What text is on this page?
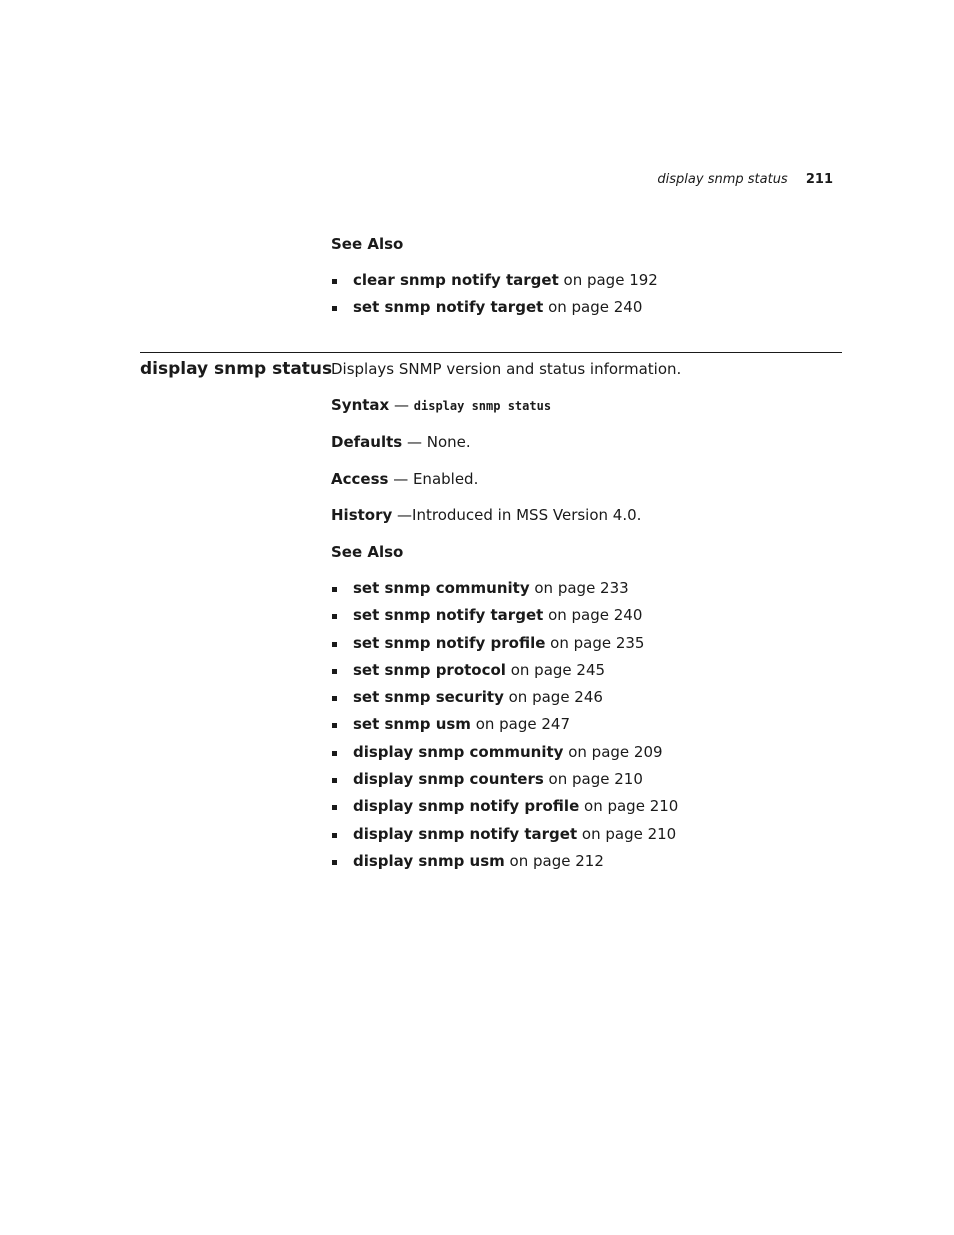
display snmp status 211
See Also
clear snmp notify target on page 192
set snmp notify target on page 240
display snmp status
Displays SNMP version and status information.
Syntax — display snmp status
Defaults — None.
Access — Enabled.
History —Introduced in MSS Version 4.0.
See Also
set snmp community on page 233
set snmp notify target on page 240
set snmp notify profile on page 235
set snmp protocol on page 245
set snmp security on page 246
set snmp usm on page 247
display snmp community on page 209
display snmp counters on page 210
display snmp notify profile on page 210
display snmp notify target on page 210
display snmp usm on page 212
